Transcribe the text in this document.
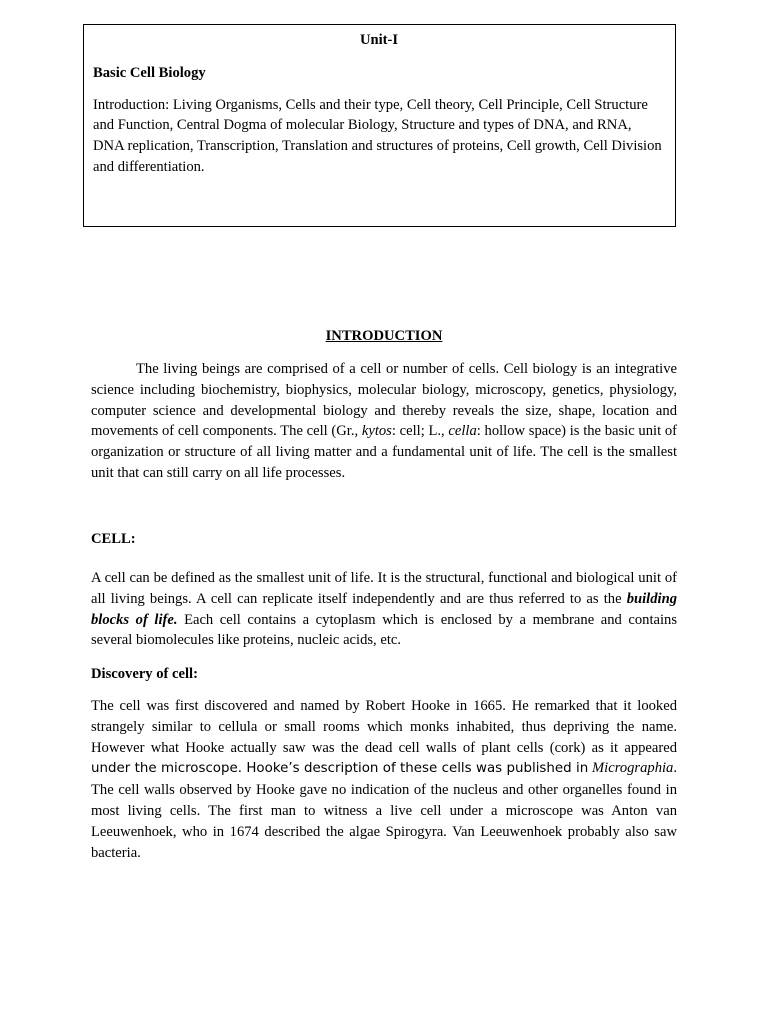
Unit-I

Basic Cell Biology

Introduction: Living Organisms, Cells and their type, Cell theory, Cell Principle, Cell Structure and Function, Central Dogma of molecular Biology, Structure and types of DNA, and RNA, DNA replication, Transcription, Translation and structures of proteins, Cell growth, Cell Division and differentiation.

INTRODUCTION

The living beings are comprised of a cell or number of cells. Cell biology is an integrative science including biochemistry, biophysics, molecular biology, microscopy, genetics, physiology, computer science and developmental biology and thereby reveals the size, shape, location and movements of cell components. The cell (Gr., kytos: cell; L., cella: hollow space) is the basic unit of organization or structure of all living matter and a fundamental unit of life. The cell is the smallest unit that can still carry on all life processes.

CELL:

A cell can be defined as the smallest unit of life. It is the structural, functional and biological unit of all living beings. A cell can replicate itself independently and are thus referred to as the building blocks of life. Each cell contains a cytoplasm which is enclosed by a membrane and contains several biomolecules like proteins, nucleic acids, etc.

Discovery of cell:

The cell was first discovered and named by Robert Hooke in 1665. He remarked that it looked strangely similar to cellula or small rooms which monks inhabited, thus depriving the name. However what Hooke actually saw was the dead cell walls of plant cells (cork) as it appeared under the microscope. Hooke’s description of these cells was published in Micrographia. The cell walls observed by Hooke gave no indication of the nucleus and other organelles found in most living cells. The first man to witness a live cell under a microscope was Anton van Leeuwenhoek, who in 1674 described the algae Spirogyra. Van Leeuwenhoek probably also saw bacteria.
